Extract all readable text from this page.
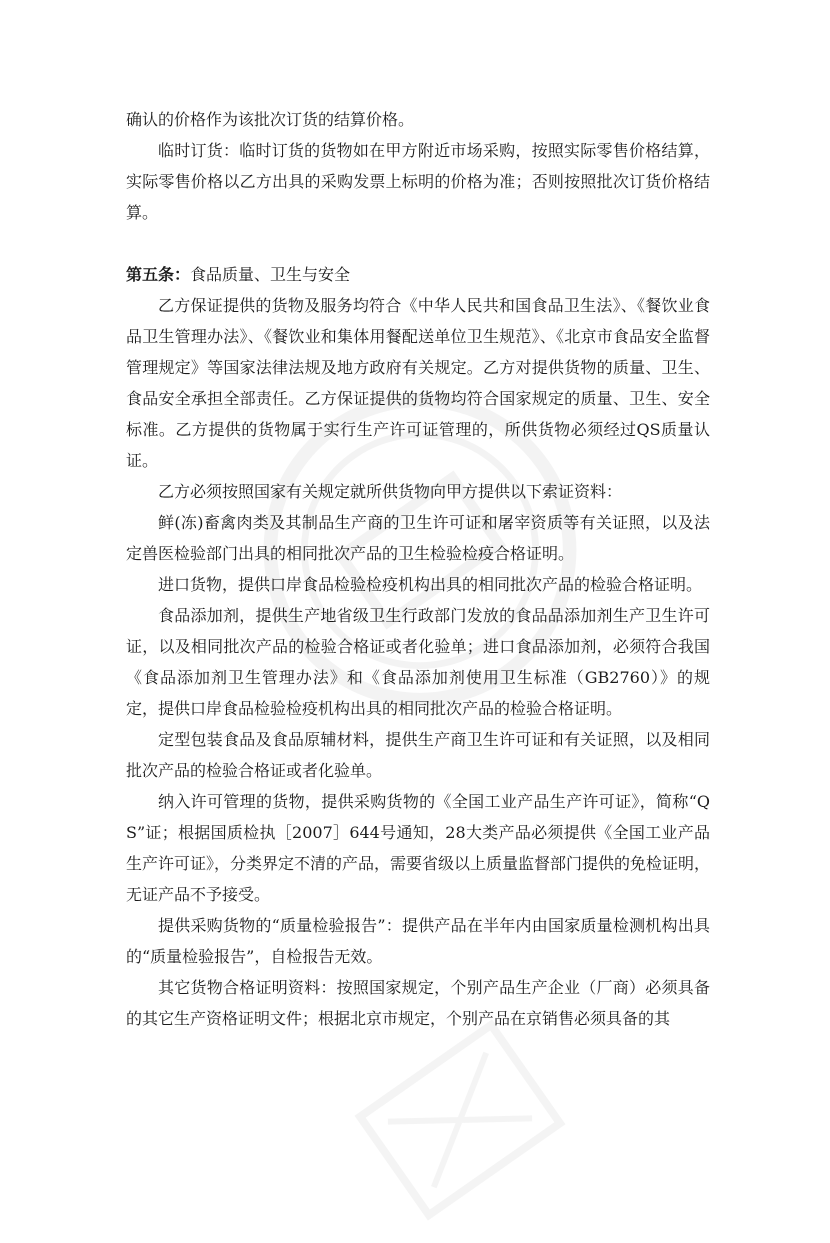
确认的价格作为该批次订货的结算价格。

临时订货：临时订货的货物如在甲方附近市场采购，按照实际零售价格结算，实际零售价格以乙方出具的采购发票上标明的价格为准；否则按照批次订货价格结算。

第五条：食品质量、卫生与安全

乙方保证提供的货物及服务均符合《中华人民共和国食品卫生法》、《餐饮业食品卫生管理办法》、《餐饮业和集体用餐配送单位卫生规范》、《北京市食品安全监督管理规定》等国家法律法规及地方政府有关规定。乙方对提供货物的质量、卫生、食品安全承担全部责任。乙方保证提供的货物均符合国家规定的质量、卫生、安全标准。乙方提供的货物属于实行生产许可证管理的，所供货物必须经过QS质量认证。

乙方必须按照国家有关规定就所供货物向甲方提供以下索证资料：

鲜(冻)畜禽肉类及其制品生产商的卫生许可证和屠宰资质等有关证照，以及法定兽医检验部门出具的相同批次产品的卫生检验检疫合格证明。

进口货物，提供口岸食品检验检疫机构出具的相同批次产品的检验合格证明。

食品添加剂，提供生产地省级卫生行政部门发放的食品品添加剂生产卫生许可证，以及相同批次产品的检验合格证或者化验单；进口食品添加剂，必须符合我国　《食品添加剂卫生管理办法》和《食品添加剂使用卫生标准（GB2760）》的规定，提供口岸食品检验检疫机构出具的相同批次产品的检验合格证明。

定型包装食品及食品原辅材料，提供生产商卫生许可证和有关证照，以及相同批次产品的检验合格证或者化验单。

纳入许可管理的货物，提供采购货物的《全国工业产品生产许可证》，简称“QS”证；根据国质检执［2007］644号通知，28大类产品必须提供《全国工业产品生产许可证》，分类界定不清的产品，需要省级以上质量监督部门提供的免检证明，无证产品不予接受。

提供采购货物的“质量检验报告”：提供产品在半年内由国家质量检测机构出具的“质量检验报告”，自检报告无效。

其它货物合格证明资料：按照国家规定，个别产品生产企业（厂商）必须具备的其它生产资格证明文件；根据北京市规定，个别产品在京销售必须具备的其
